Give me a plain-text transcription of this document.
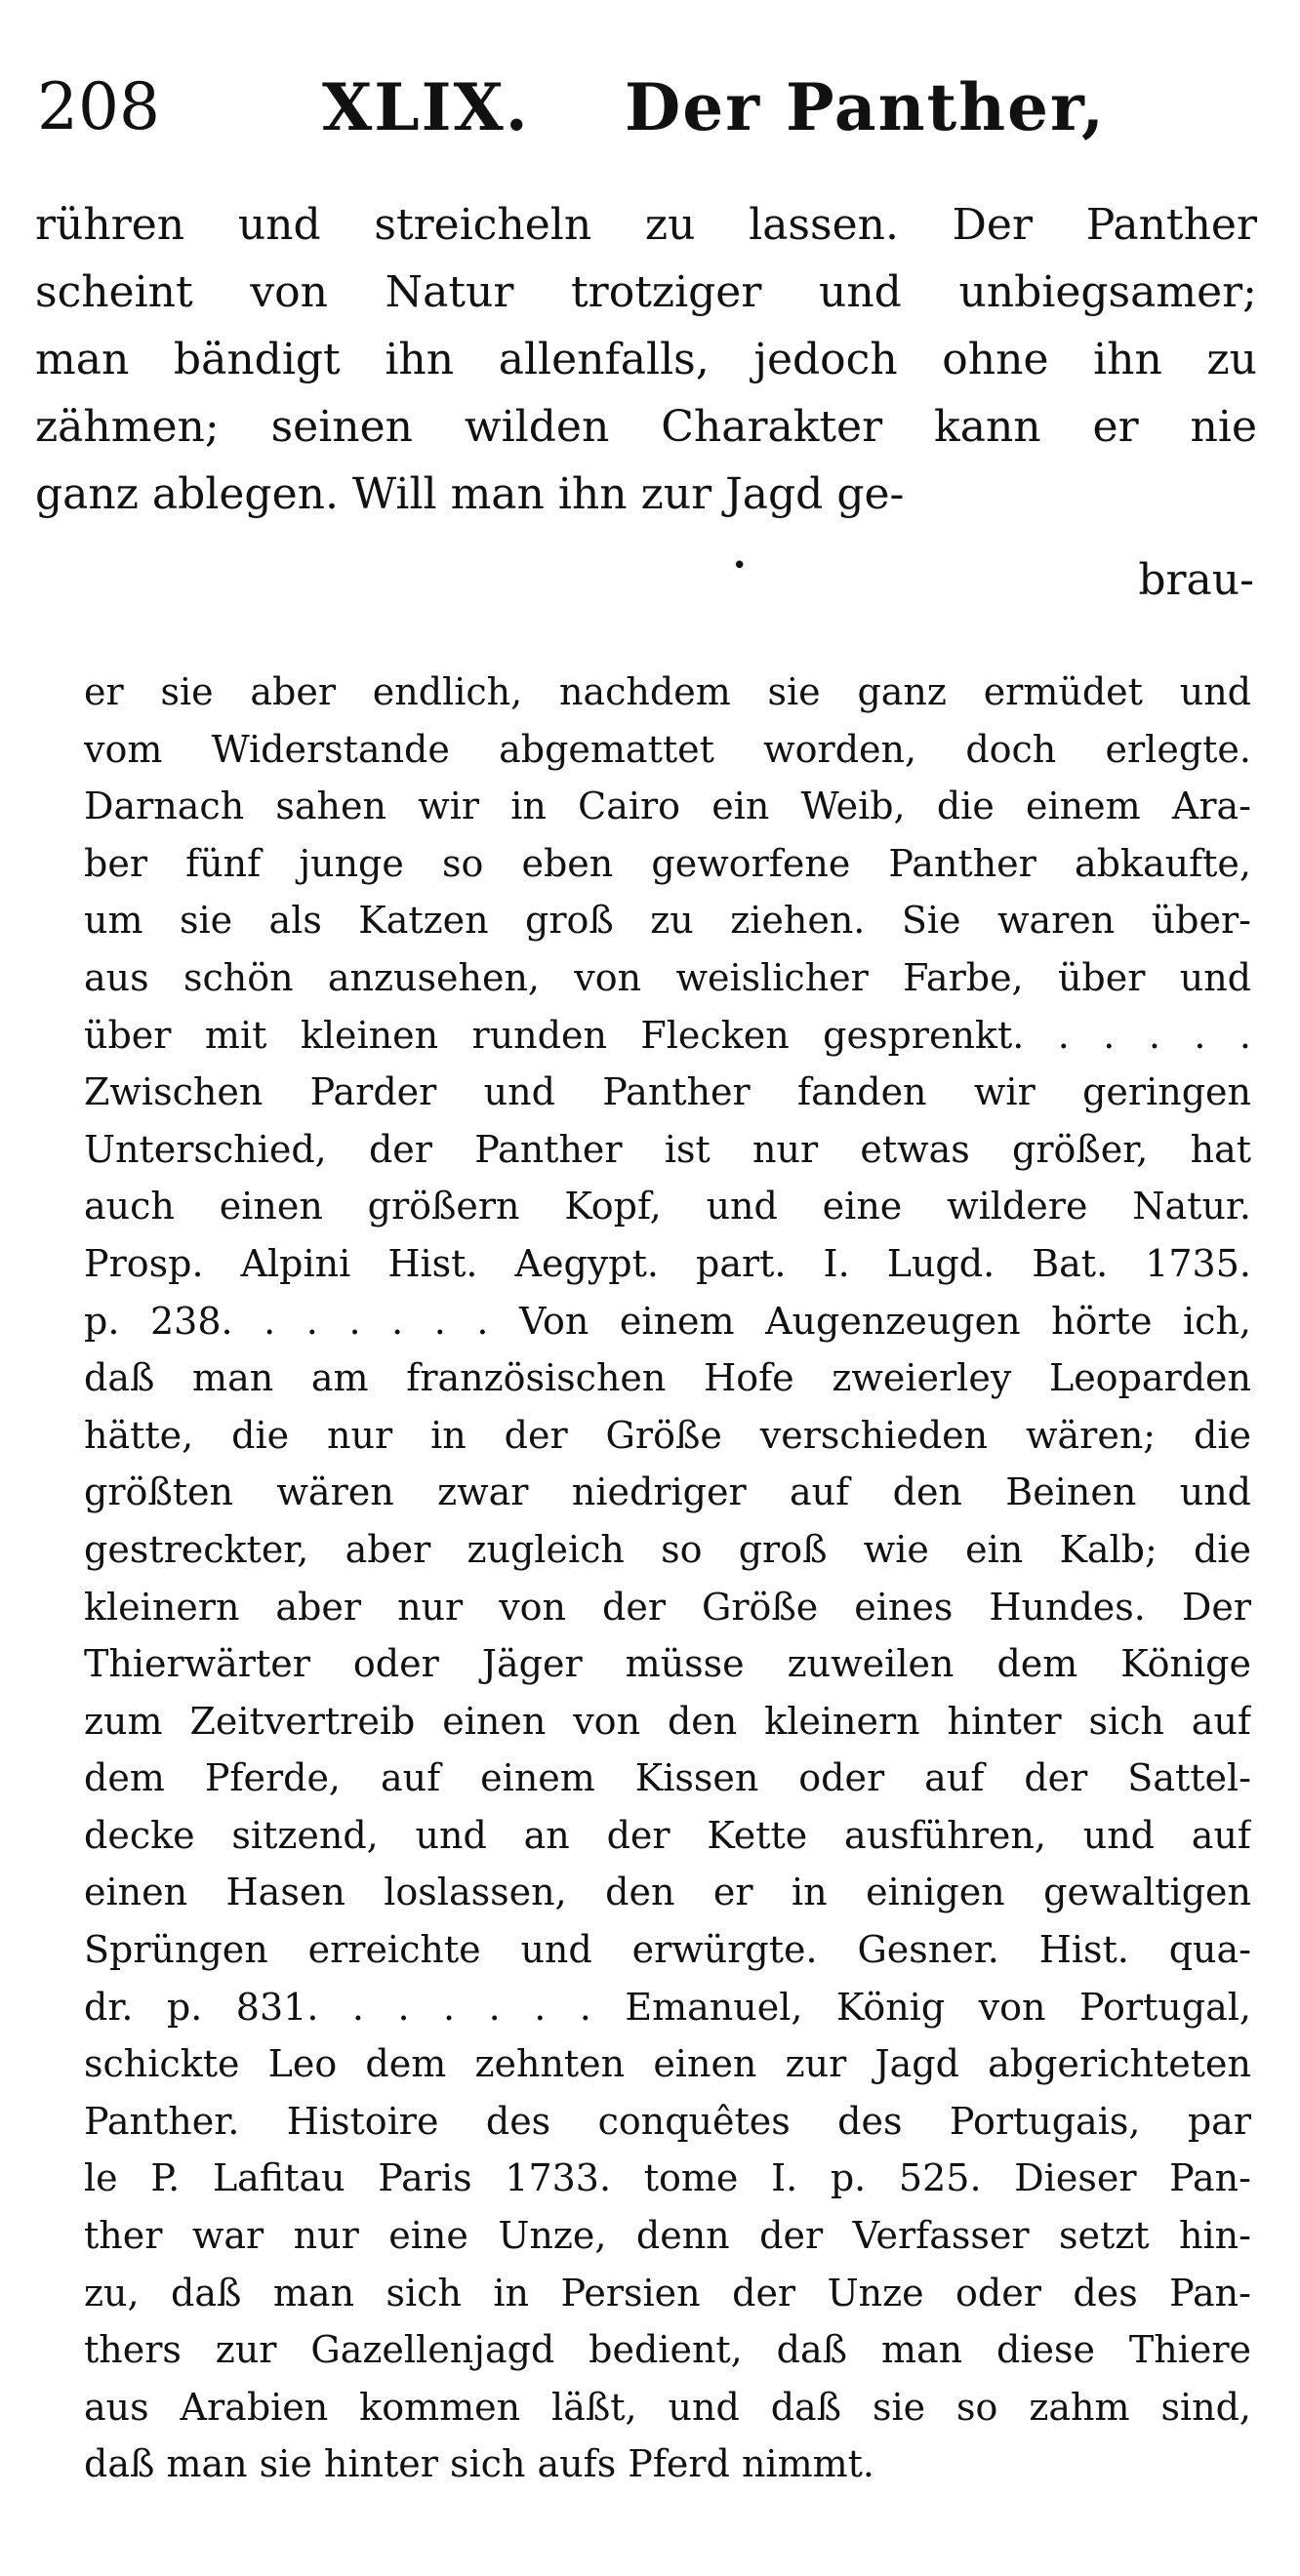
208	XLIX. Der Panther,
rühren und streicheln zu lassen. Der Panther
scheint von Natur trotziger und unbiegsamer;
man bändigt ihn allenfalls, jedoch ohne ihn zu
zähmen; seinen wilden Charakter kann er nie
ganz ablegen. Will man ihn zur Jagd ge-
•	brau-
er sie aber endlich, nachdem sie ganz ermüdet und
vom Widerstande abgemattet worden, doch erlegte.
Darnach sahen wir in Cairo ein Weib, die einem Ara-
ber fünf junge so eben geworfene Panther abkaufte,
um sie als Katzen groß zu ziehen. Sie waren über-
aus schön anzusehen, von weislicher Farbe, über und
über mit kleinen runden Flecken gesprenkt. . . . . .
Zwischen Parder und Panther fanden wir geringen
Unterschied, der Panther ist nur etwas größer, hat
auch einen größern Kopf, und eine wildere Natur.
Prosp. Alpini Hist. Aegypt. part. I. Lugd. Bat. 1735.
p. 238. . . . . . . Von einem Augenzeugen hörte ich,
daß man am französischen Hofe zweierley Leoparden
hätte, die nur in der Größe verschieden wären; die
größten wären zwar niedriger auf den Beinen und
gestreckter, aber zugleich so groß wie ein Kalb; die
kleinern aber nur von der Größe eines Hundes. Der
Thierwärter oder Jäger müsse zuweilen dem Könige
zum Zeitvertreib einen von den kleinern hinter sich auf
dem Pferde, auf einem Kissen oder auf der Sattel-
decke sitzend, und an der Kette ausführen, und auf
einen Hasen loslassen, den er in einigen gewaltigen
Sprüngen erreichte und erwürgte. Gesner. Hist. qua-
dr. p. 831. . . . . . . Emanuel, König von Portugal,
schickte Leo dem zehnten einen zur Jagd abgerichteten
Panther. Histoire des conquêtes des Portugais, par
le P. Lafitau Paris 1733. tome I. p. 525. Dieser Pan-
ther war nur eine Unze, denn der Verfasser setzt hin-
zu, daß man sich in Persien der Unze oder des Pan-
thers zur Gazellenjagd bedient, daß man diese Thiere
aus Arabien kommen läßt, und daß sie so zahm sind,
daß man sie hinter sich aufs Pferd nimmt.
